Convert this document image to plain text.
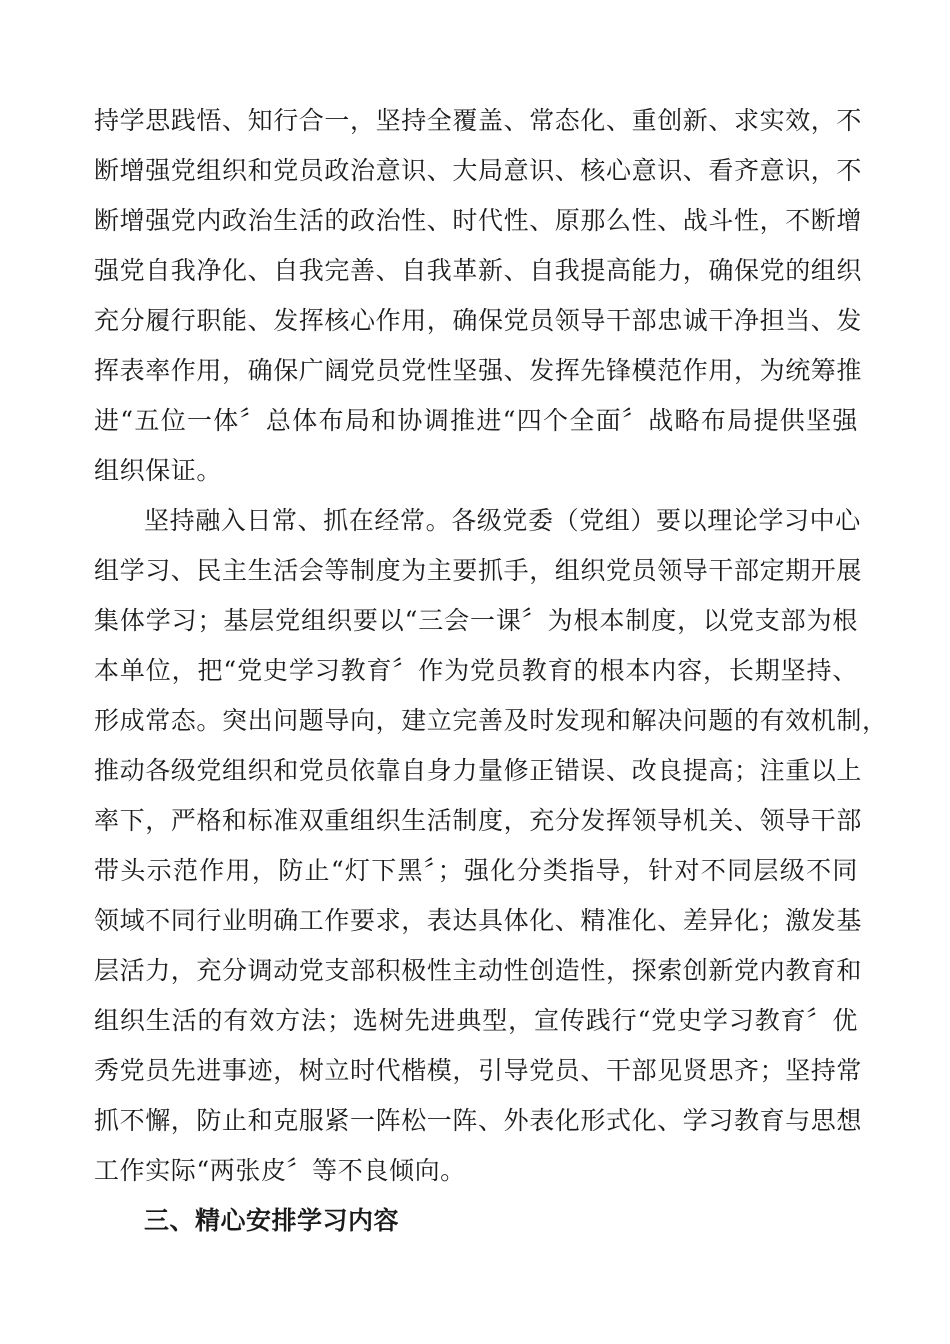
持学思践悟、知行合一，坚持全覆盖、常态化、重创新、求实效，不
断增强党组织和党员政治意识、大局意识、核心意识、看齐意识，不
断增强党内政治生活的政治性、时代性、原那么性、战斗性，不断增
强党自我净化、自我完善、自我革新、自我提高能力，确保党的组织
充分履行职能、发挥核心作用，确保党员领导干部忠诚干净担当、发
挥表率作用，确保广阔党员党性坚强、发挥先锋模范作用，为统筹推
进“五位一体〞总体布局和协调推进“四个全面〞战略布局提供坚强
组织保证。
坚持融入日常、抓在经常。各级党委（党组）要以理论学习中心
组学习、民主生活会等制度为主要抓手，组织党员领导干部定期开展
集体学习；基层党组织要以“三会一课〞为根本制度，以党支部为根
本单位，把“党史学习教育〞作为党员教育的根本内容，长期坚持、
形成常态。突出问题导向，建立完善及时发现和解决问题的有效机制，
推动各级党组织和党员依靠自身力量修正错误、改良提高；注重以上
率下，严格和标准双重组织生活制度，充分发挥领导机关、领导干部
带头示范作用，防止“灯下黑〞；强化分类指导，针对不同层级不同
领域不同行业明确工作要求，表达具体化、精准化、差异化；激发基
层活力，充分调动党支部积极性主动性创造性，探索创新党内教育和
组织生活的有效方法；选树先进典型，宣传践行“党史学习教育〞优
秀党员先进事迹，树立时代楷模，引导党员、干部见贤思齐；坚持常
抓不懈，防止和克服紧一阵松一阵、外表化形式化、学习教育与思想
工作实际“两张皮〞等不良倾向。
三、精心安排学习内容
